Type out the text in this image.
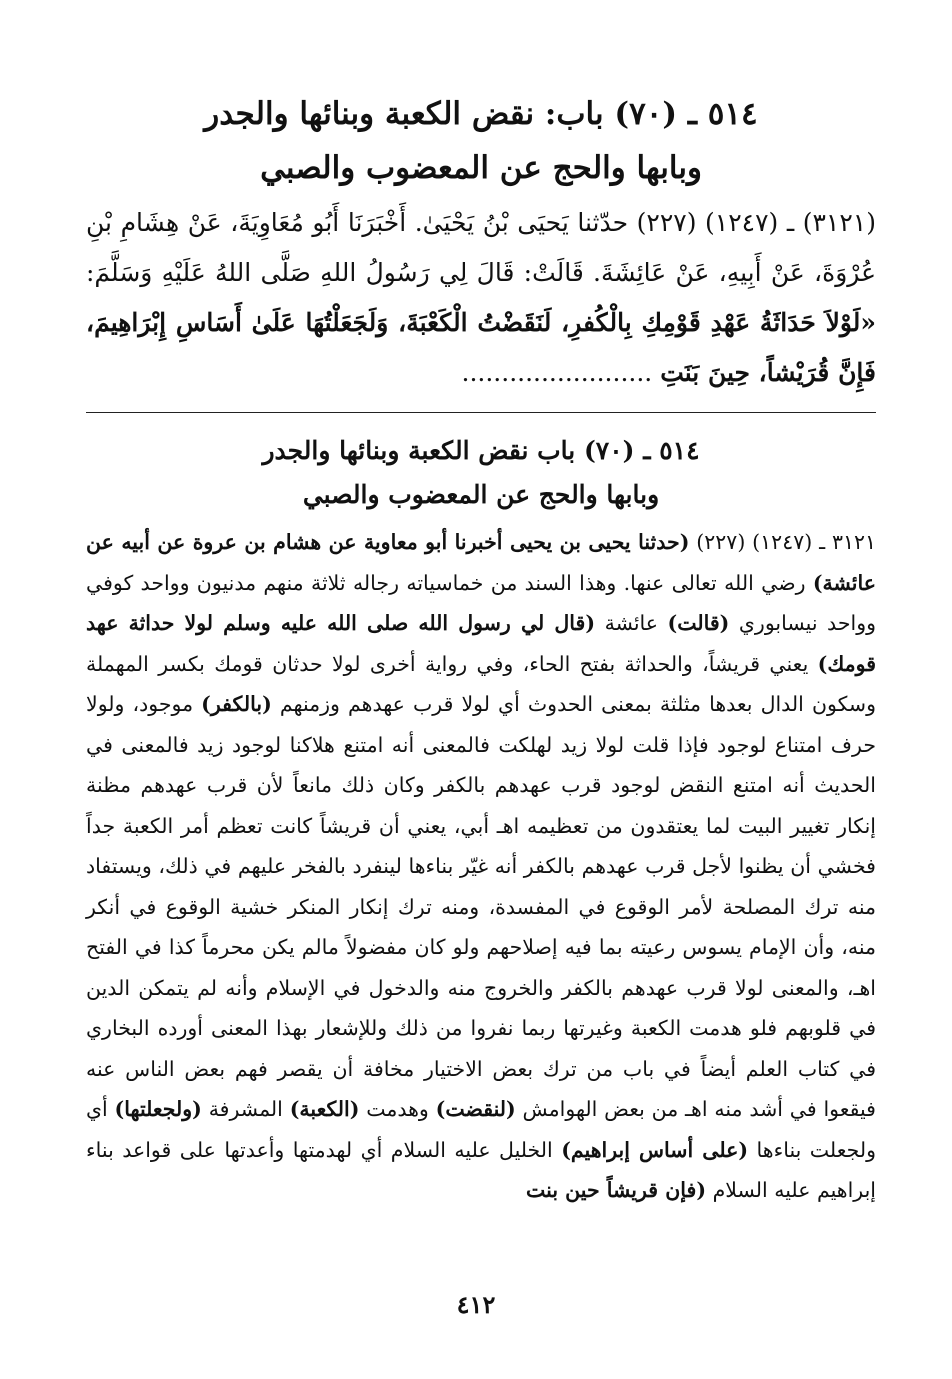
٥١٤ ـ (٧٠) باب: نقض الكعبة وبنائها والجدر
وبابها والحج عن المعضوب والصبي
(٣١٢١) ـ (١٢٤٧) (٢٢٧) حدّثنا يَحيَى بْنُ يَحْيَىٰ. أَخْبَرَنَا أَبُو مُعَاوِيَةَ، عَنْ هِشَامِ بْنِ عُرْوَةَ، عَنْ أَبِيهِ، عَنْ عَائِشَةَ. قَالَتْ: قَالَ لِي رَسُولُ اللهِ صَلَّى اللهُ عَلَيْهِ وَسَلَّمَ: «لَوْلاَ حَدَاثَةُ عَهْدِ قَوْمِكِ بِالْكُفرِ، لَنَقَضْتُ الْكَعْبَةَ، وَلَجَعَلْتُهَا عَلَىٰ أَسَاسِ إِبْرَاهِيمَ، فَإِنَّ قُرَيْشاً، حِينَ بَنَتِ ........................
٥١٤ ـ (٧٠) باب نقض الكعبة وبنائها والجدر
وبابها والحج عن المعضوب والصبي
٣١٢١ ـ (١٢٤٧) (٢٢٧) (حدثنا يحيى بن يحيى أخبرنا أبو معاوية عن هشام بن عروة عن أبيه عن عائشة) رضي الله تعالى عنها. وهذا السند من خماسياته رجاله ثلاثة منهم مدنيون وواحد كوفي وواحد نيسابوري (قالت) عائشة (قال لي رسول الله صلى الله عليه وسلم لولا حداثة عهد قومك) يعني قريشاً، والحداثة بفتح الحاء، وفي رواية أخرى لولا حدثان قومك بكسر المهملة وسكون الدال بعدها مثلثة بمعنى الحدوث أي لولا قرب عهدهم وزمنهم (بالكفر) موجود، ولولا حرف امتناع لوجود فإذا قلت لولا زيد لهلكت فالمعنى أنه امتنع هلاكنا لوجود زيد فالمعنى في الحديث أنه امتنع النقض لوجود قرب عهدهم بالكفر وكان ذلك مانعاً لأن قرب عهدهم مظنة إنكار تغيير البيت لما يعتقدون من تعظيمه اهـ أبي، يعني أن قريشاً كانت تعظم أمر الكعبة جداً فخشي أن يظنوا لأجل قرب عهدهم بالكفر أنه غيّر بناءها لينفرد بالفخر عليهم في ذلك، ويستفاد منه ترك المصلحة لأمر الوقوع في المفسدة، ومنه ترك إنكار المنكر خشية الوقوع في أنكر منه، وأن الإمام يسوس رعيته بما فيه إصلاحهم ولو كان مفضولاً مالم يكن محرماً كذا في الفتح اهـ، والمعنى لولا قرب عهدهم بالكفر والخروج منه والدخول في الإسلام وأنه لم يتمكن الدين في قلوبهم فلو هدمت الكعبة وغيرتها ربما نفروا من ذلك وللإشعار بهذا المعنى أورده البخاري في كتاب العلم أيضاً في باب من ترك بعض الاختيار مخافة أن يقصر فهم بعض الناس عنه فيقعوا في أشد منه اهـ من بعض الهوامش (لنقضت) وهدمت (الكعبة) المشرفة (ولجعلتها) أي ولجعلت بناءها (على أساس إبراهيم) الخليل عليه السلام أي لهدمتها وأعدتها على قواعد بناء إبراهيم عليه السلام (فإن قريشاً حين بنت
٤١٢
